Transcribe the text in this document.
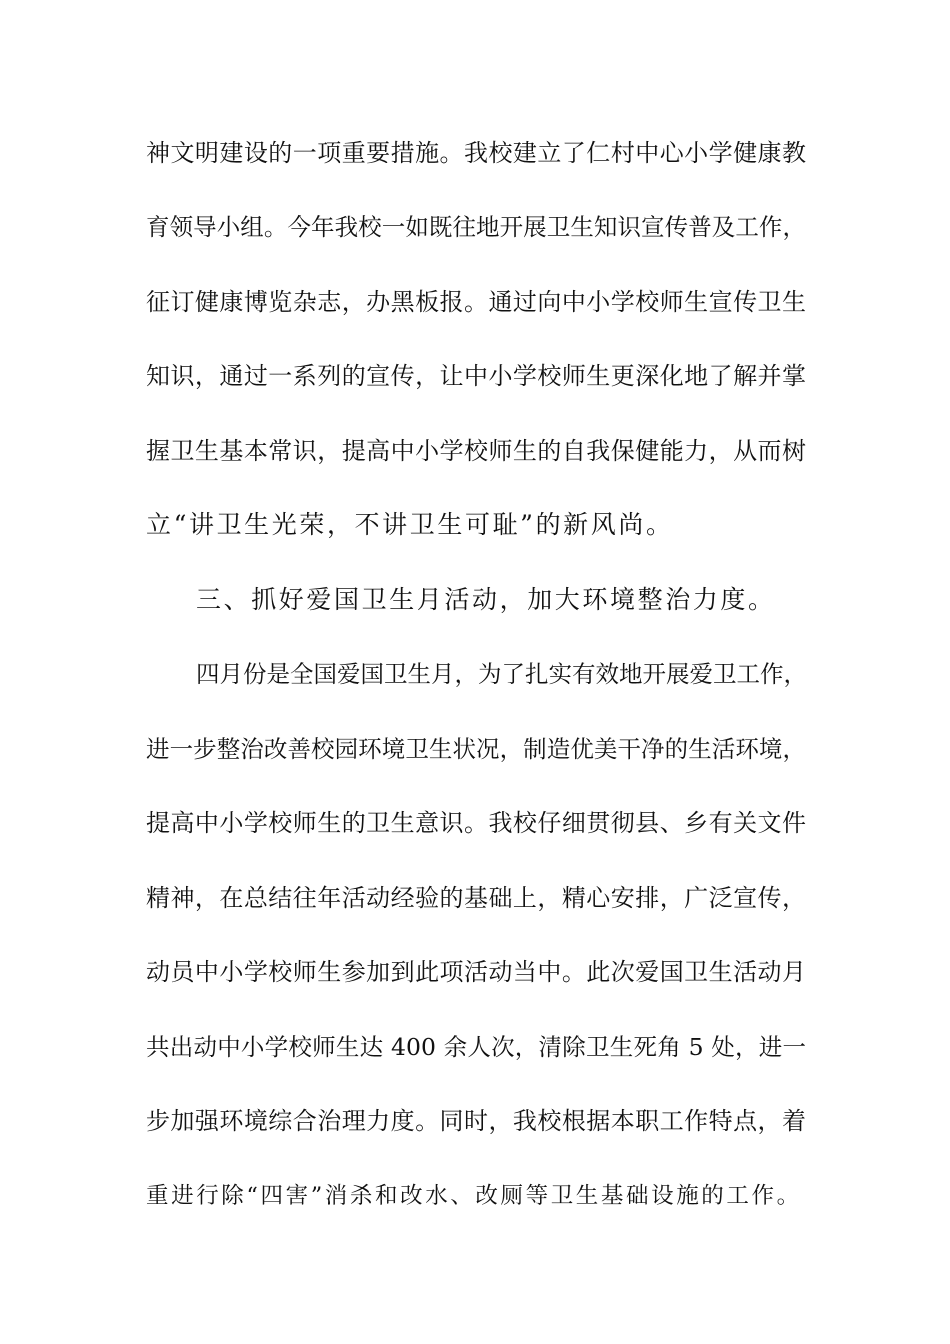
神文明建设的一项重要措施。我校建立了仁村中心小学健康教
育领导小组。今年我校一如既往地开展卫生知识宣传普及工作，
征订健康博览杂志，办黑板报。通过向中小学校师生宣传卫生
知识，通过一系列的宣传，让中小学校师生更深化地了解并掌
握卫生基本常识，提高中小学校师生的自我保健能力，从而树
立“讲卫生光荣，不讲卫生可耻”的新风尚。
三、抓好爱国卫生月活动，加大环境整治力度。
四月份是全国爱国卫生月，为了扎实有效地开展爱卫工作，
进一步整治改善校园环境卫生状况，制造优美干净的生活环境，
提高中小学校师生的卫生意识。我校仔细贯彻县、乡有关文件
精神，在总结往年活动经验的基础上，精心安排，广泛宣传，
动员中小学校师生参加到此项活动当中。此次爱国卫生活动月
共出动中小学校师生达 400 余人次，清除卫生死角 5 处，进一
步加强环境综合治理力度。同时，我校根据本职工作特点，着
重进行除“四害”消杀和改水、改厕等卫生基础设施的工作。
